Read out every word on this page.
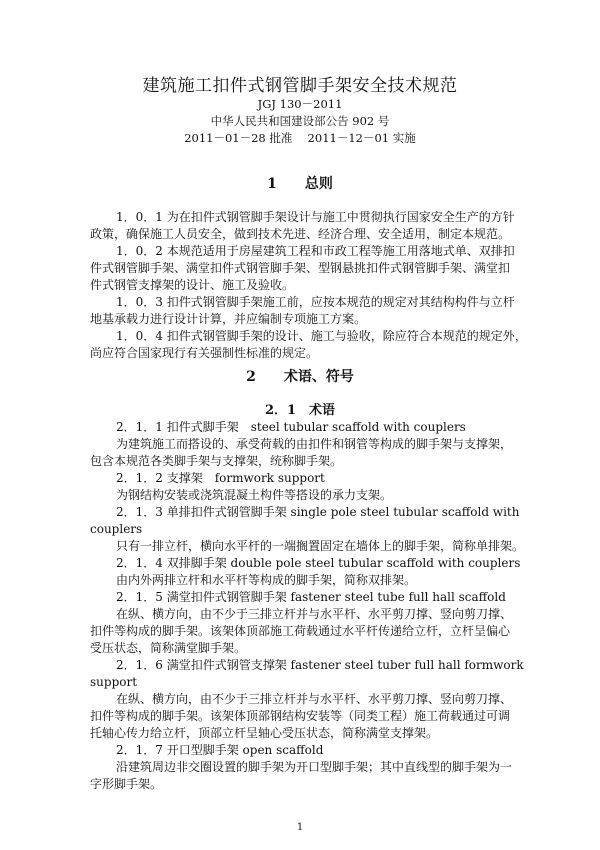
建筑施工扣件式钢管脚手架安全技术规范
JGJ 130－2011
中华人民共和国建设部公告 902 号
2011－01－28 批准　 2011－12－01 实施
1　　总则
1．0．1 为在扣件式钢管脚手架设计与施工中贯彻执行国家安全生产的方针
政策，确保施工人员安全，做到技术先进、经济合理、安全适用，制定本规范。
1．0．2 本规范适用于房屋建筑工程和市政工程等施工用落地式单、双排扣
件式钢管脚手架、满堂扣件式钢管脚手架、型钢悬挑扣件式钢管脚手架、满堂扣
件式钢管支撑架的设计、施工及验收。
1．0．3 扣件式钢管脚手架施工前，应按本规范的规定对其结构构件与立杆
地基承载力进行设计计算，并应编制专项施工方案。
1．0．4 扣件式钢管脚手架的设计、施工与验收，除应符合本规范的规定外，
尚应符合国家现行有关强制性标准的规定。
2　　术语、符号
2．1　术语
2．1．1 扣件式脚手架　steel tubular scaffold with couplers
为建筑施工而搭设的、承受荷载的由扣件和钢管等构成的脚手架与支撑架，
包含本规范各类脚手架与支撑架，统称脚手架。
2．1．2 支撑架　formwork support
为钢结构安装或浇筑混凝土构件等搭设的承力支架。
2．1．3 单排扣件式钢管脚手架 single pole steel tubular scaffold with
couplers
只有一排立杆，横向水平杆的一端搁置固定在墙体上的脚手架，简称单排架。
2．1．4 双排脚手架 double pole steel tubular scaffold with couplers
由内外两排立杆和水平杆等构成的脚手架，简称双排架。
2．1．5 满堂扣件式钢管脚手架 fastener steel tube full hall scaffold
在纵、横方向，由不少于三排立杆并与水平杆、水平剪刀撑、竖向剪刀撑、
扣件等构成的脚手架。该架体顶部施工荷载通过水平杆传递给立杆，立杆呈偏心
受压状态，简称满堂脚手架。
2．1．6 满堂扣件式钢管支撑架 fastener steel tuber full hall formwork
support
在纵、横方向，由不少于三排立杆并与水平杆、水平剪刀撑、竖向剪刀撑、
扣件等构成的脚手架。该架体顶部钢结构安装等（同类工程）施工荷载通过可调
托轴心传力给立杆，顶部立杆呈轴心受压状态，简称满堂支撑架。
2．1．7 开口型脚手架 open scaffold
沿建筑周边非交圈设置的脚手架为开口型脚手架；其中直线型的脚手架为一
字形脚手架。
1
